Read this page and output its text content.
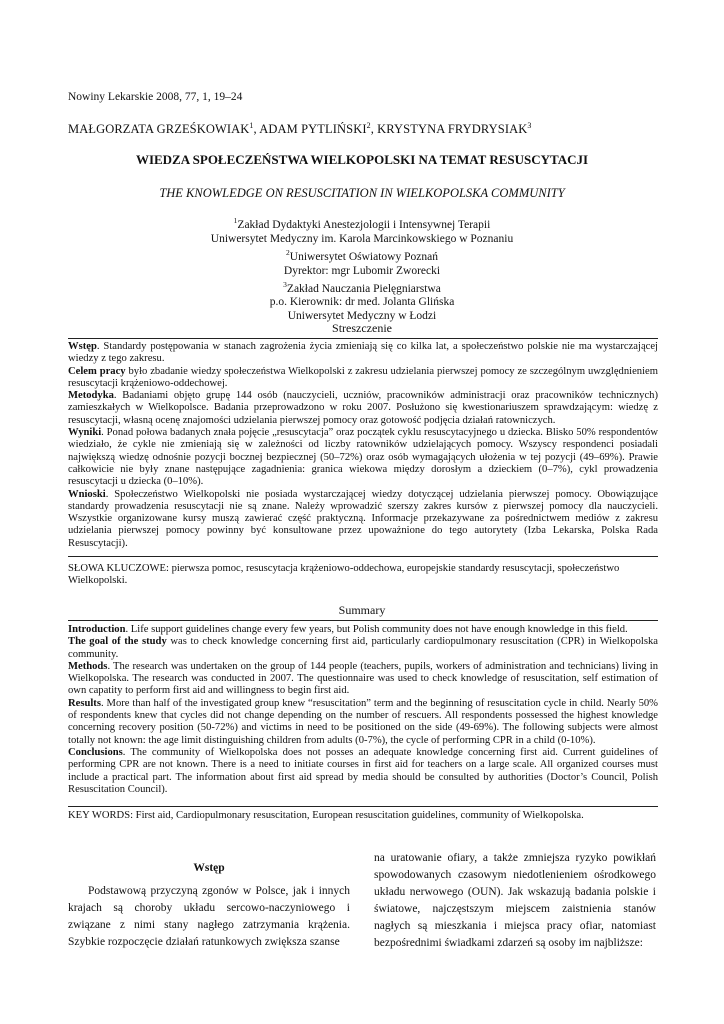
Nowiny Lekarskie 2008, 77, 1, 19–24
MAŁGORZATA GRZEŚKOWIAK$^1$, ADAM PYTLIŃSKI$^2$, KRYSTYNA FRYDRYSIAK$^3$
WIEDZA SPOŁECZEŃSTWA WIELKOPOLSKI NA TEMAT RESUSCYTACJI
THE KNOWLEDGE ON RESUSCITATION IN WIELKOPOLSKA COMMUNITY
$^1$Zakład Dydaktyki Anestezjologii i Intensywnej Terapii
Uniwersytet Medyczny im. Karola Marcinkowskiego w Poznaniu
$^2$Uniwersytet Oświatowy Poznań
Dyrektor: mgr Lubomir Zworecki
$^3$Zakład Nauczania Pielęgniarstwa
p.o. Kierownik: dr med. Jolanta Glińska
Uniwersytet Medyczny w Łodzi
Streszczenie

Wstęp. Standardy postępowania w stanach zagrożenia życia zmieniają się co kilka lat, a społeczeństwo polskie nie ma wystarczającej wiedzy z tego zakresu.

Celem pracy było zbadanie wiedzy społeczeństwa Wielkopolski z zakresu udzielania pierwszej pomocy ze szczególnym uwzględnieniem resuscytacji krążeniowo-oddechowej.

Metodyka. Badaniami objęto grupę 144 osób (nauczycieli, uczniów, pracowników administracji oraz pracowników technicznych) zamieszkałych w Wielkopolsce. Badania przeprowadzono w roku 2007. Posłużono się kwestionariuszem sprawdzającym: wiedzę z resuscytacji, własną ocenę znajomości udzielania pierwszej pomocy oraz gotowość podjęcia działań ratowniczych.

Wyniki. Ponad połowa badanych znała pojęcie „resuscytacja” oraz początek cyklu resuscytacyjnego u dziecka. Blisko 50% respondentów wiedziało, że cykle nie zmieniają się w zależności od liczby ratowników udzielających pomocy. Wszyscy respondenci posiadali największą wiedzę odnośnie pozycji bocznej bezpiecznej (50–72%) oraz osób wymagających ułożenia w tej pozycji (49–69%). Prawie całkowicie nie były znane następujące zagadnienia: granica wiekowa między dorosłym a dzieckiem (0–7%), cykl prowadzenia resuscytacji u dziecka (0–10%).

Wnioski. Społeczeństwo Wielkopolski nie posiada wystarczającej wiedzy dotyczącej udzielania pierwszej pomocy. Obowiązujące standardy prowadzenia resuscytacji nie są znane. Należy wprowadzić szerszy zakres kursów z pierwszej pomocy dla nauczycieli. Wszystkie organizowane kursy muszą zawierać część praktyczną. Informacje przekazywane za pośrednictwem mediów z zakresu udzielania pierwszej pomocy powinny być konsultowane przez upoważnione do tego autorytety (Izba Lekarska, Polska Rada Resuscytacji).

SŁOWA KLUCZOWE: pierwsza pomoc, resuscytacja krążeniowo-oddechowa, europejskie standardy resuscytacji, społeczeństwo Wielkopolski.
Summary

Introduction. Life support guidelines change every few years, but Polish community does not have enough knowledge in this field.

The goal of the study was to check knowledge concerning first aid, particularly cardiopulmonary resuscitation (CPR) in Wielkopolska community.

Methods. The research was undertaken on the group of 144 people (teachers, pupils, workers of administration and technicians) living in Wielkopolska. The research was conducted in 2007. The questionnaire was used to check knowledge of resuscitation, self estimation of own capatity to perform first aid and willingness to begin first aid.

Results. More than half of the investigated group knew “resuscitation” term and the beginning of resuscitation cycle in child. Nearly 50% of respondents knew that cycles did not change depending on the number of rescuers. All respondents possessed the highest knowledge concerning recovery position (50-72%) and victims in need to be positioned on the side (49-69%). The following subjects were almost totally not known: the age limit distinguishing children from adults (0-7%), the cycle of performing CPR in a child (0-10%).

Conclusions. The community of Wielkopolska does not posses an adequate knowledge concerning first aid. Current guidelines of performing CPR are not known. There is a need to initiate courses in first aid for teachers on a large scale. All organized courses must include a practical part. The information about first aid spread by media should be consulted by authorities (Doctor’s Council, Polish Resuscitation Council).

KEY WORDS: First aid, Cardiopulmonary resuscitation, European resuscitation guidelines, community of Wielkopolska.
Wstęp

Podstawową przyczyną zgonów w Polsce, jak i innych krajach są choroby układu sercowo-naczyniowego i związane z nimi stany nagłego zatrzymania krążenia. Szybkie rozpoczęcie działań ratunkowych zwiększa szanse

na uratowanie ofiary, a także zmniejsza ryzyko powikłań spowodowanych czasowym niedotlenieniem ośrodkowego układu nerwowego (OUN). Jak wskazują badania polskie i światowe, najczęstszym miejscem zaistnienia stanów nagłych są mieszkania i miejsca pracy ofiar, natomiast bezpośrednimi świadkami zdarzeń są osoby im najbliższe:
